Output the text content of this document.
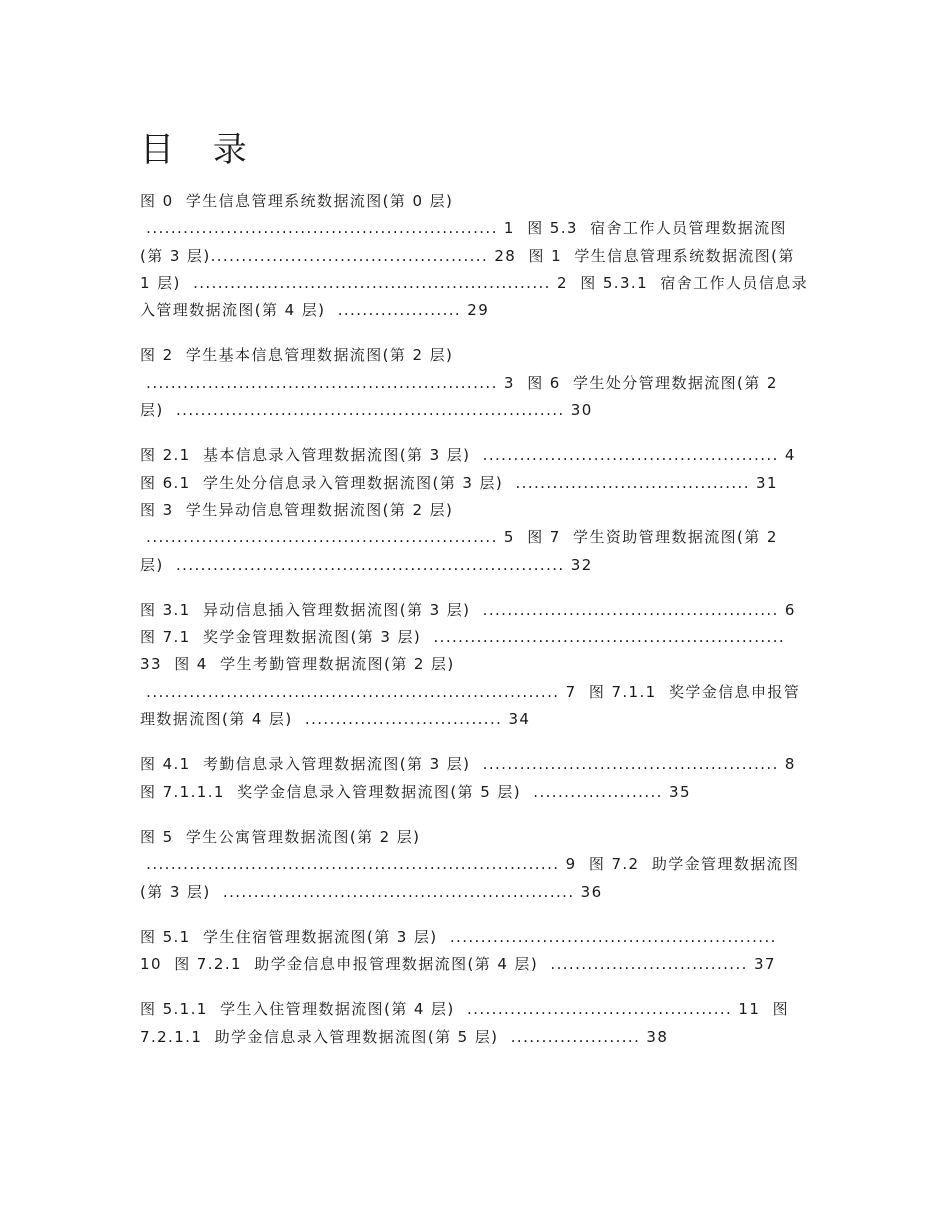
目 录
图 0  学生信息管理系统数据流图(第 0 层)
......................................................... 1  图 5.3  宿舍工作人员管理数据流图
(第 3 层)............................................. 28  图 1  学生信息管理系统数据流图(第
1 层)  .......................................................... 2  图 5.3.1  宿舍工作人员信息录
入管理数据流图(第 4 层)  .................... 29
图 2  学生基本信息管理数据流图(第 2 层)
......................................................... 3  图 6  学生处分管理数据流图(第 2
层)  ............................................................... 30
图 2.1  基本信息录入管理数据流图(第 3 层)  ................................................ 4
图 6.1  学生处分信息录入管理数据流图(第 3 层)  ...................................... 31
图 3  学生异动信息管理数据流图(第 2 层)
......................................................... 5  图 7  学生资助管理数据流图(第 2
层)  ............................................................... 32
图 3.1  异动信息插入管理数据流图(第 3 层)  ................................................ 6
图 7.1  奖学金管理数据流图(第 3 层)  .........................................................
33  图 4  学生考勤管理数据流图(第 2 层)
................................................................... 7  图 7.1.1  奖学金信息申报管
理数据流图(第 4 层)  ................................ 34
图 4.1  考勤信息录入管理数据流图(第 3 层)  ................................................ 8
图 7.1.1.1  奖学金信息录入管理数据流图(第 5 层)  ..................... 35
图 5  学生公寓管理数据流图(第 2 层)
................................................................... 9  图 7.2  助学金管理数据流图
(第 3 层)  ......................................................... 36
图 5.1  学生住宿管理数据流图(第 3 层)  .....................................................
10  图 7.2.1  助学金信息申报管理数据流图(第 4 层)  ................................ 37
图 5.1.1  学生入住管理数据流图(第 4 层)  ........................................... 11  图
7.2.1.1  助学金信息录入管理数据流图(第 5 层)  ..................... 38
